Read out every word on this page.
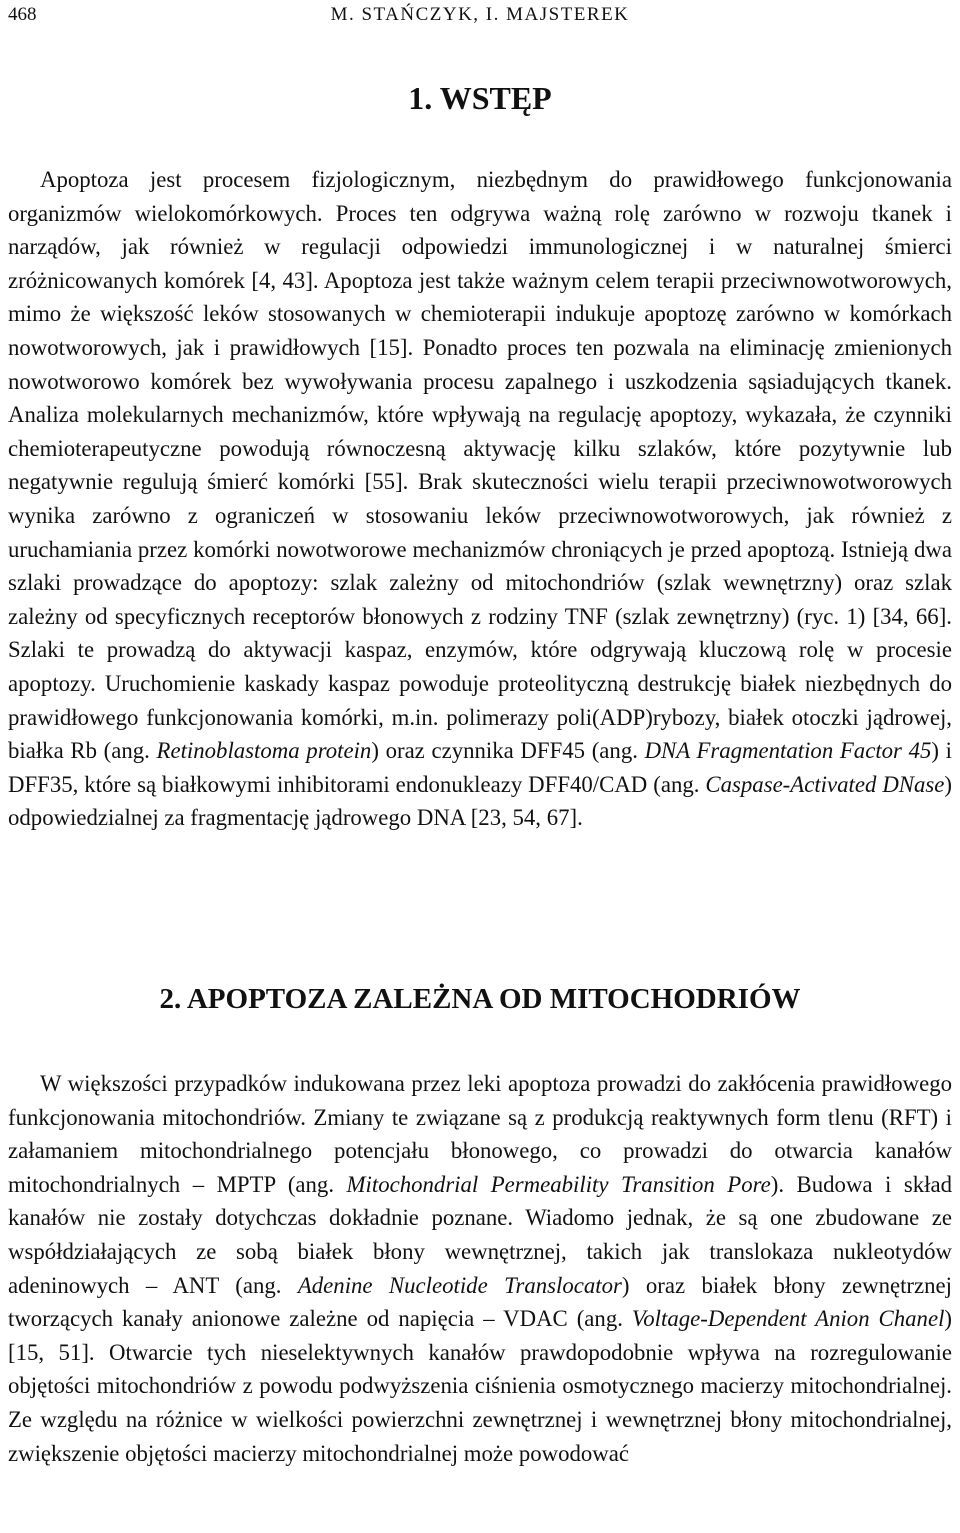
468	M. STAŃCZYK, I. MAJSTEREK
1. WSTĘP
Apoptoza jest procesem fizjologicznym, niezbędnym do prawidłowego funkcjonowania organizmów wielokomórkowych. Proces ten odgrywa ważną rolę zarówno w rozwoju tkanek i narządów, jak również w regulacji odpowiedzi immunologicznej i w naturalnej śmierci zróżnicowanych komórek [4, 43]. Apoptoza jest także ważnym celem terapii przeciwnowotworowych, mimo że większość leków stosowanych w chemioterapii indukuje apoptozę zarówno w komórkach nowotworowych, jak i prawidłowych [15]. Ponadto proces ten pozwala na eliminację zmienionych nowotworowo komórek bez wywoływania procesu zapalnego i uszkodzenia sąsiadujących tkanek. Analiza molekularnych mechanizmów, które wpływają na regulację apoptozy, wykazała, że czynniki chemioterapeutyczne powodują równoczesną aktywację kilku szlaków, które pozytywnie lub negatywnie regulują śmierć komórki [55]. Brak skuteczności wielu terapii przeciwnowotworowych wynika zarówno z ograniczeń w stosowaniu leków przeciwnowotworowych, jak również z uruchamiania przez komórki nowotworowe mechanizmów chroniących je przed apoptozą. Istnieją dwa szlaki prowadzące do apoptozy: szlak zależny od mitochondriów (szlak wewnętrzny) oraz szlak zależny od specyficznych receptorów błonowych z rodziny TNF (szlak zewnętrzny) (ryc. 1) [34, 66]. Szlaki te prowadzą do aktywacji kaspaz, enzymów, które odgrywają kluczową rolę w procesie apoptozy. Uruchomienie kaskady kaspaz powoduje proteolityczną destrukcję białek niezbędnych do prawidłowego funkcjonowania komórki, m.in. polimerazy poli(ADP)rybozy, białek otoczki jądrowej, białka Rb (ang. Retinoblastoma protein) oraz czynnika DFF45 (ang. DNA Fragmentation Factor 45) i DFF35, które są białkowymi inhibitorami endonukleazy DFF40/CAD (ang. Caspase-Activated DNase) odpowiedzialnej za fragmentację jądrowego DNA [23, 54, 67].
2. APOPTOZA ZALEŻNA OD MITOCHODRIÓW
W większości przypadków indukowana przez leki apoptoza prowadzi do zakłócenia prawidłowego funkcjonowania mitochondriów. Zmiany te związane są z produkcją reaktywnych form tlenu (RFT) i załamaniem mitochondrialnego potencjału błonowego, co prowadzi do otwarcia kanałów mitochondrialnych – MPTP (ang. Mitochondrial Permeability Transition Pore). Budowa i skład kanałów nie zostały dotychczas dokładnie poznane. Wiadomo jednak, że są one zbudowane ze współdziałających ze sobą białek błony wewnętrznej, takich jak translokaza nukleotydów adeninowych – ANT (ang. Adenine Nucleotide Translocator) oraz białek błony zewnętrznej tworzących kanały anionowe zależne od napięcia – VDAC (ang. Voltage-Dependent Anion Chanel) [15, 51]. Otwarcie tych nieselektywnych kanałów prawdopodobnie wpływa na rozregulowanie objętości mitochondriów z powodu podwyższenia ciśnienia osmotycznego macierzy mitochondrialnej. Ze względu na różnice w wielkości powierzchni zewnętrznej i wewnętrznej błony mitochondrialnej, zwiększenie objętości macierzy mitochondrialnej może powodować
